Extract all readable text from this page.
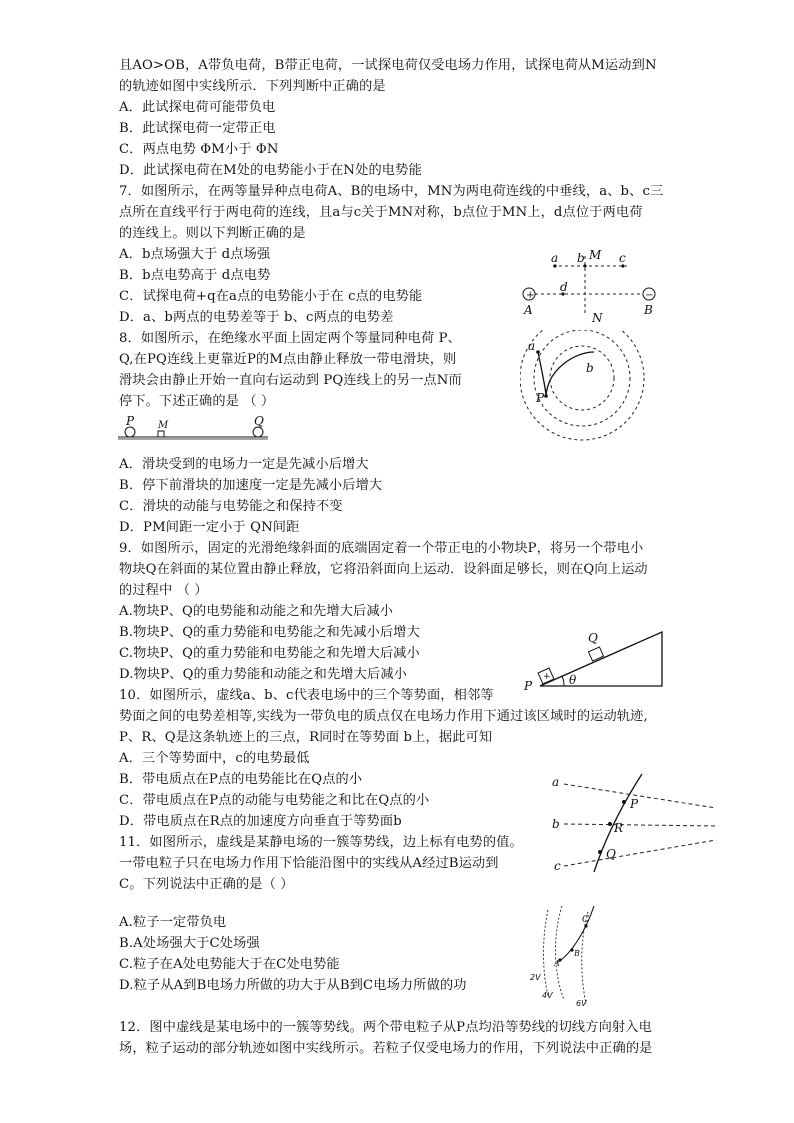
且AO>OB，A带负电荷，B带正电荷，一试探电荷仅受电场力作用，试探电荷从M运动到N
的轨迹如图中实线所示．下列判断中正确的是
A．此试探电荷可能带负电
B．此试探电荷一定带正电
C．两点电势 ΦM小于 ΦN
D．此试探电荷在M处的电势能小于在N处的电势能
7．如图所示，在两等量异种点电荷A、B的电场中，MN为两电荷连线的中垂线，a、b、c三
点所在直线平行于两电荷的连线，且a与c关于MN对称，b点位于MN上，d点位于两电荷
的连线上。则以下判断正确的是
A．b点场强大于 d点场强
B．b点电势高于 d点电势
C．试探电荷+q在a点的电势能小于在 c点的电势能
D．a、b两点的电势差等于 b、c两点的电势差
8．如图所示，在绝缘水平面上固定两个等量同种电荷 P、
Q,在PQ连线上更靠近P的M点由静止释放一带电滑块，则
滑块会由静止开始一直向右运动到 PQ连线上的另一点N而
停下。下述正确的是 （ ）
A．滑块受到的电场力一定是先减小后增大
B．停下前滑块的加速度一定是先减小后增大
C．滑块的动能与电势能之和保持不变
D．PM间距一定小于 QN间距
9．如图所示，固定的光滑绝缘斜面的底端固定着一个带正电的小物块P，将另一个带电小
物块Q在斜面的某位置由静止释放，它将沿斜面向上运动．设斜面足够长，则在Q向上运动
的过程中 （ ）
A.物块P、Q的电势能和动能之和先增大后减小
B.物块P、Q的重力势能和电势能之和先减小后增大
C.物块P、Q的重力势能和电势能之和先增大后减小
D.物块P、Q的重力势能和动能之和先增大后减小
10．如图所示，虚线a、b、c代表电场中的三个等势面，相邻等
势面之间的电势差相等,实线为一带负电的质点仅在电场力作用下通过该区域时的运动轨迹,
P、R、Q是这条轨迹上的三点，R同时在等势面 b上，据此可知
A．三个等势面中，c的电势最低
B．带电质点在P点的电势能比在Q点的小
C．带电质点在P点的动能与电势能之和比在Q点的小
D．带电质点在R点的加速度方向垂直于等势面b
11．如图所示，虚线是某静电场的一簇等势线，边上标有电势的值。
一带电粒子只在电场力作用下恰能沿图中的实线从A经过B运动到
C。下列说法中正确的是（ ）
A.粒子一定带负电
B.A处场强大于C处场强
C.粒子在A处电势能大于在C处电势能
D.粒子从A到B电场力所做的功大于从B到C电场力所做的功
12．图中虚线是某电场中的一簇等势线。两个带电粒子从P点均沿等势线的切线方向射入电
场，粒子运动的部分轨迹如图中实线所示。若粒子仅受电场力的作用，下列说法中正确的是
+	−
M
N
a b	c
d
A	B
a
b
P
P M	Q
+
Q
P	θ
a
b
c
P
R
Q
C
B
A
2V
4V
6V
